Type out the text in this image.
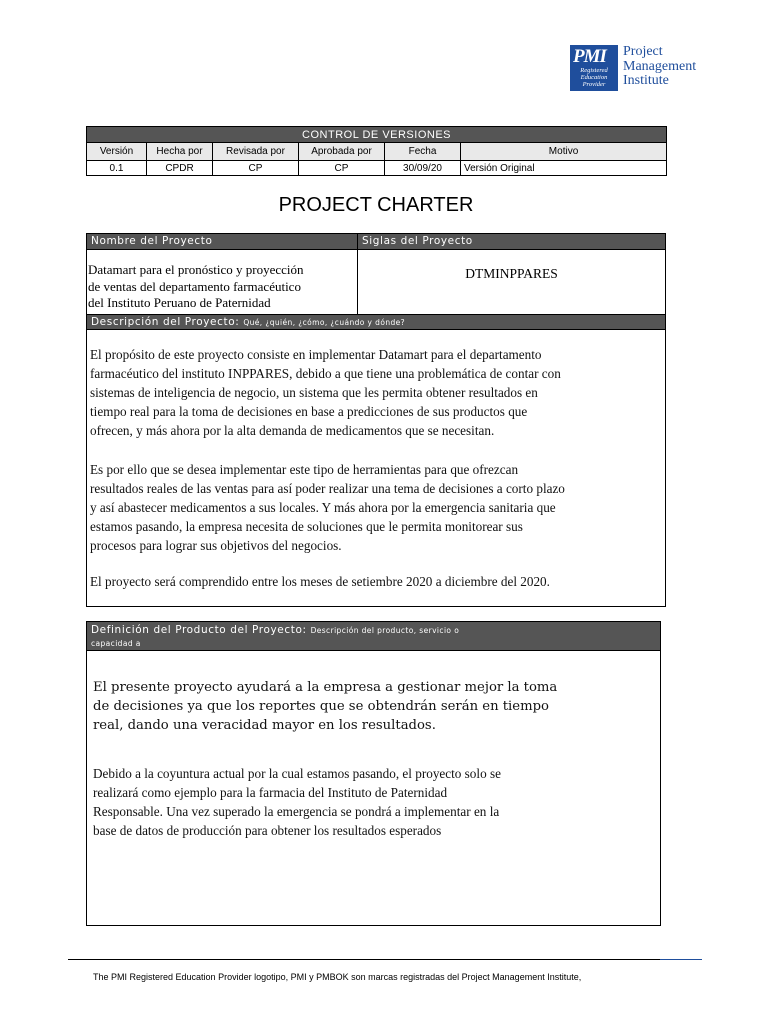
PMI
Registered
Education
Provider
Project
Management
Institute
CONTROL DE VERSIONES					
Versión	Hecha por	Revisada por	Aprobada por	Fecha	Motivo
0.1	CPDR	CP	CP	30/09/20	Versión Original
PROJECT CHARTER
Nombre del Proyecto	Siglas del Proyecto
Datamart para el pronóstico y proyección
de ventas del departamento farmacéutico
del Instituto Peruano de Paternidad
DTMINPPARES
Descripción del Proyecto: Qué, ¿quién, ¿cómo, ¿cuándo y dónde?
El propósito de este proyecto consiste en implementar Datamart para el departamento
farmacéutico del instituto INPPARES, debido a que tiene una problemática de contar con
sistemas de inteligencia de negocio, un sistema que les permita obtener resultados en
tiempo real para la toma de decisiones en base a predicciones de sus productos que
ofrecen, y más ahora por la alta demanda de medicamentos que se necesitan.
Es por ello que se desea implementar este tipo de herramientas para que ofrezcan
resultados reales de las ventas para así poder realizar una tema de decisiones a corto plazo
y así abastecer medicamentos a sus locales. Y más ahora por la emergencia sanitaria que
estamos pasando, la empresa necesita de soluciones que le permita monitorear sus
procesos para lograr sus objetivos del negocios.
El proyecto será comprendido entre los meses de setiembre 2020 a diciembre del 2020.
Definición del Producto del Proyecto: Descripción del producto, servicio o
capacidad a
El presente proyecto ayudará a la empresa a gestionar mejor la toma
de decisiones ya que los reportes que se obtendrán serán en tiempo
real, dando una veracidad mayor en los resultados.
Debido a la coyuntura actual por la cual estamos pasando, el proyecto solo se
realizará como ejemplo para la farmacia del Instituto de Paternidad
Responsable. Una vez superado la emergencia se pondrá a implementar en la
base de datos de producción para obtener los resultados esperados
The PMI Registered Education Provider logotipo, PMI y PMBOK son marcas registradas del Project Management Institute,
